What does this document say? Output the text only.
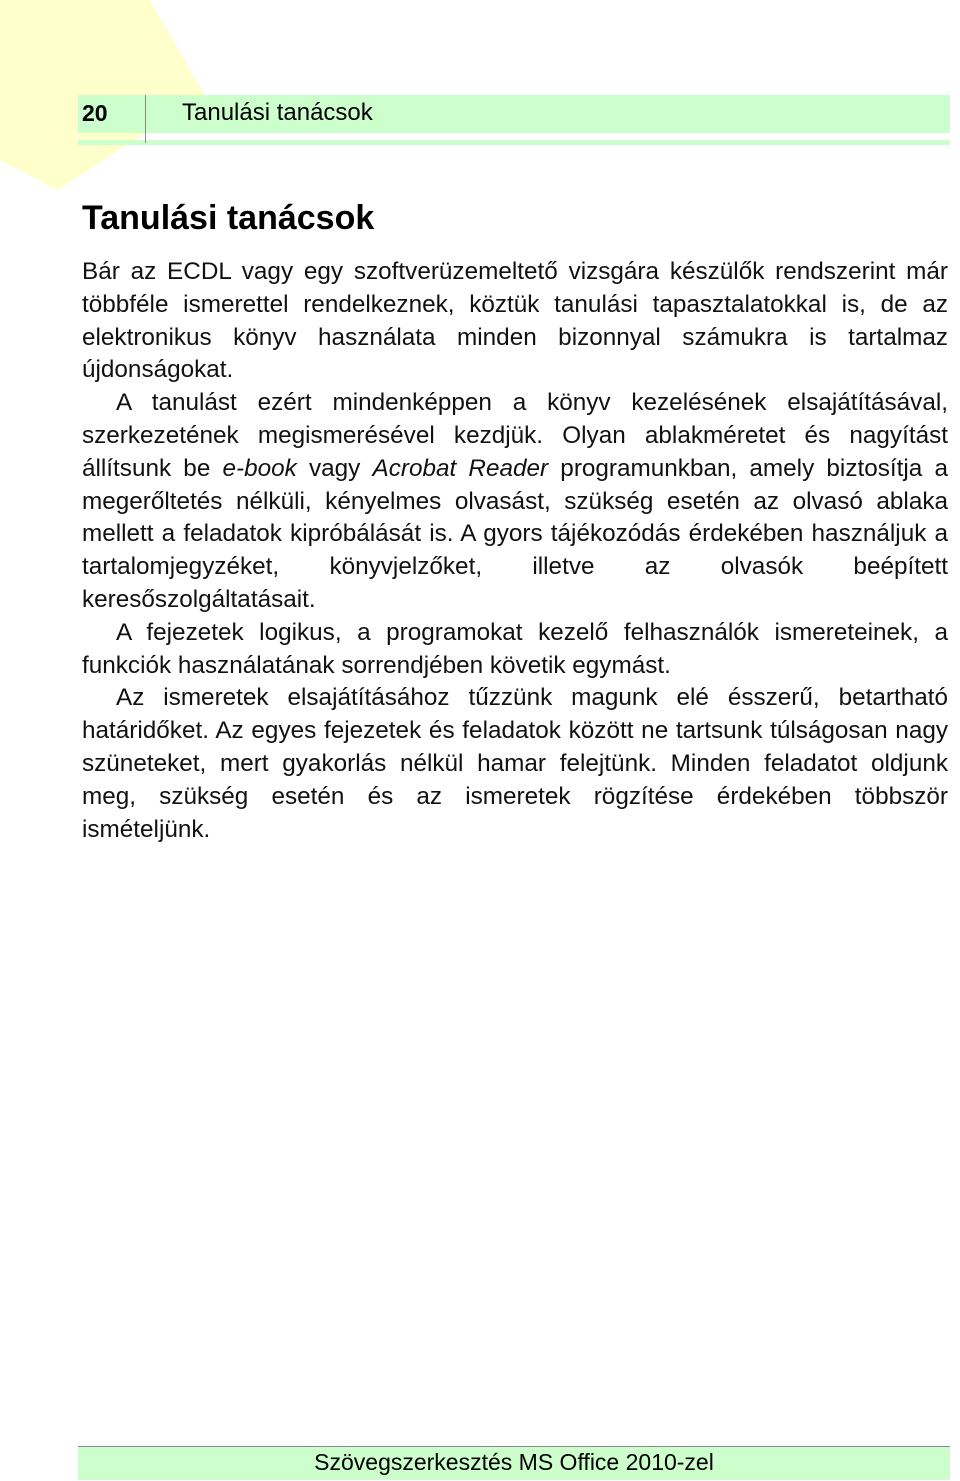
20	Tanulási tanácsok
Tanulási tanácsok

Bár az ECDL vagy egy szoftverüzemeltető vizsgára készülők rendszerint már többféle ismerettel rendelkeznek, köztük tanulási tapasztalatokkal is, de az elektronikus könyv használata minden bizonnyal számukra is tartalmaz újdonságokat.

A tanulást ezért mindenképpen a könyv kezelésének elsajátításával, szerkezetének megismerésével kezdjük. Olyan ablakméretet és nagyítást állítsunk be e-book vagy Acrobat Reader programunkban, amely biztosítja a megerőltetés nélküli, kényelmes olvasást, szükség esetén az olvasó ablaka mellett a feladatok kipróbálását is. A gyors tájékozódás érdekében használjuk a tartalomjegyzéket, könyvjelzőket, illetve az olvasók beépített keresőszolgáltatásait.

A fejezetek logikus, a programokat kezelő felhasználók ismereteinek, a funkciók használatának sorrendjében követik egymást.

Az ismeretek elsajátításához tűzzünk magunk elé ésszerű, betartható határidőket. Az egyes fejezetek és feladatok között ne tartsunk túlságosan nagy szüneteket, mert gyakorlás nélkül hamar felejtünk. Minden feladatot oldjunk meg, szükség esetén és az ismeretek rögzítése érdekében többször ismételjünk.

Szövegszerkesztés MS Office 2010-zel
